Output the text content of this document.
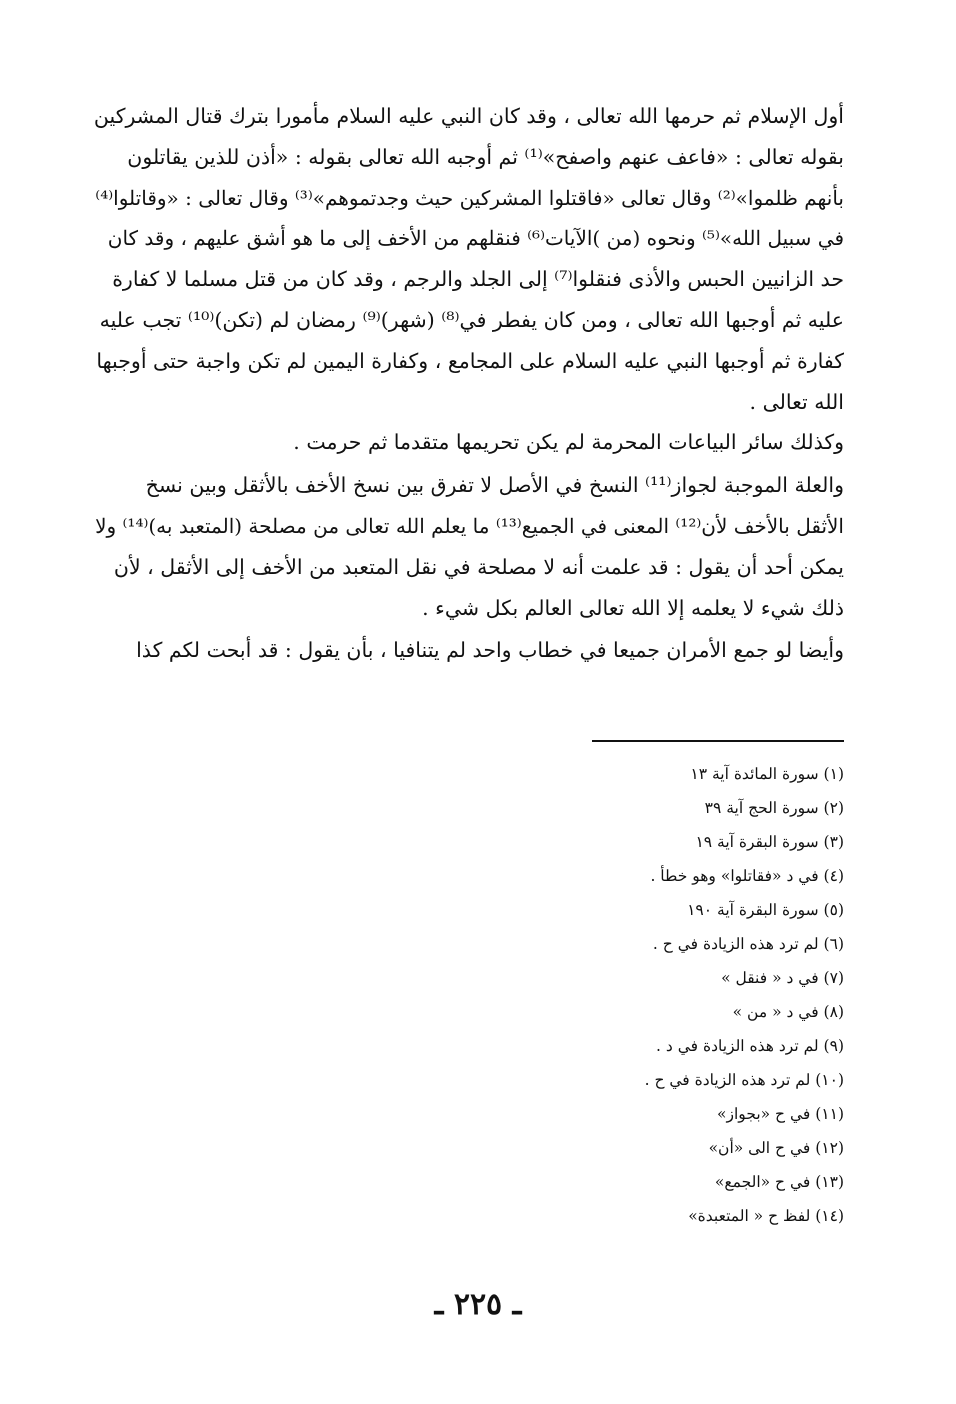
أول الإسلام ثم حرمها الله تعالى ، وقد كان النبي عليه السلام مأمورا بترك قتال المشركين
بقوله تعالى : «فاعف عنهم واصفح»⁽¹⁾ ثم أوجبه الله تعالى بقوله : «أذن للذين يقاتلون
بأنهم ظلموا»⁽²⁾ وقال تعالى «فاقتلوا المشركين حيث وجدتموهم»⁽³⁾ وقال تعالى : «وقاتلوا⁽⁴⁾
في سبيل الله»⁽⁵⁾ ونحوه (من )الآيات⁽⁶⁾ فنقلهم من الأخف إلى ما هو أشق عليهم ، وقد كان
حد الزانيين الحبس والأذى فنقلوا⁽⁷⁾ إلى الجلد والرجم ، وقد كان من قتل مسلما لا كفارة
عليه ثم أوجبها الله تعالى ، ومن كان يفطر في⁽⁸⁾ (شهر)⁽⁹⁾ رمضان لم (تكن)⁽¹⁰⁾ تجب عليه
كفارة ثم أوجبها النبي عليه السلام على المجامع ، وكفارة اليمين لم تكن واجبة حتى أوجبها
الله تعالى .
وكذلك سائر البياعات المحرمة لم يكن تحريمها متقدما ثم حرمت .
والعلة الموجبة لجواز⁽¹¹⁾ النسخ في الأصل لا تفرق بين نسخ الأخف بالأثقل وبين نسخ
الأثقل بالأخف لأن⁽¹²⁾ المعنى في الجميع⁽¹³⁾ ما يعلم الله تعالى من مصلحة (المتعبد به)⁽¹⁴⁾ ولا
يمكن أحد أن يقول : قد علمت أنه لا مصلحة في نقل المتعبد من الأخف إلى الأثقل ، لأن
ذلك شيء لا يعلمه إلا الله تعالى العالم بكل شيء .
وأيضا لو جمع الأمران جميعا في خطاب واحد لم يتنافيا ، بأن يقول : قد أبحت لكم كذا
(١) سورة المائدة آية ١٣
(٢) سورة الحج آية ٣٩
(٣) سورة البقرة آية ١٩
(٤) في د «فقاتلوا» وهو خطأ .
(٥) سورة البقرة آية ١٩٠
(٦) لم ترد هذه الزيادة في ح .
(٧) في د « فنقل »
(٨) في د « من »
(٩) لم ترد هذه الزيادة في د .
(١٠) لم ترد هذه الزيادة في ح .
(١١) في ح «بجواز»
(١٢) في ح الى «أن»
(١٣) في ح «الجمع»
(١٤) لفظ ح « المتعبدة»
ـ ٢٢٥ ـ
